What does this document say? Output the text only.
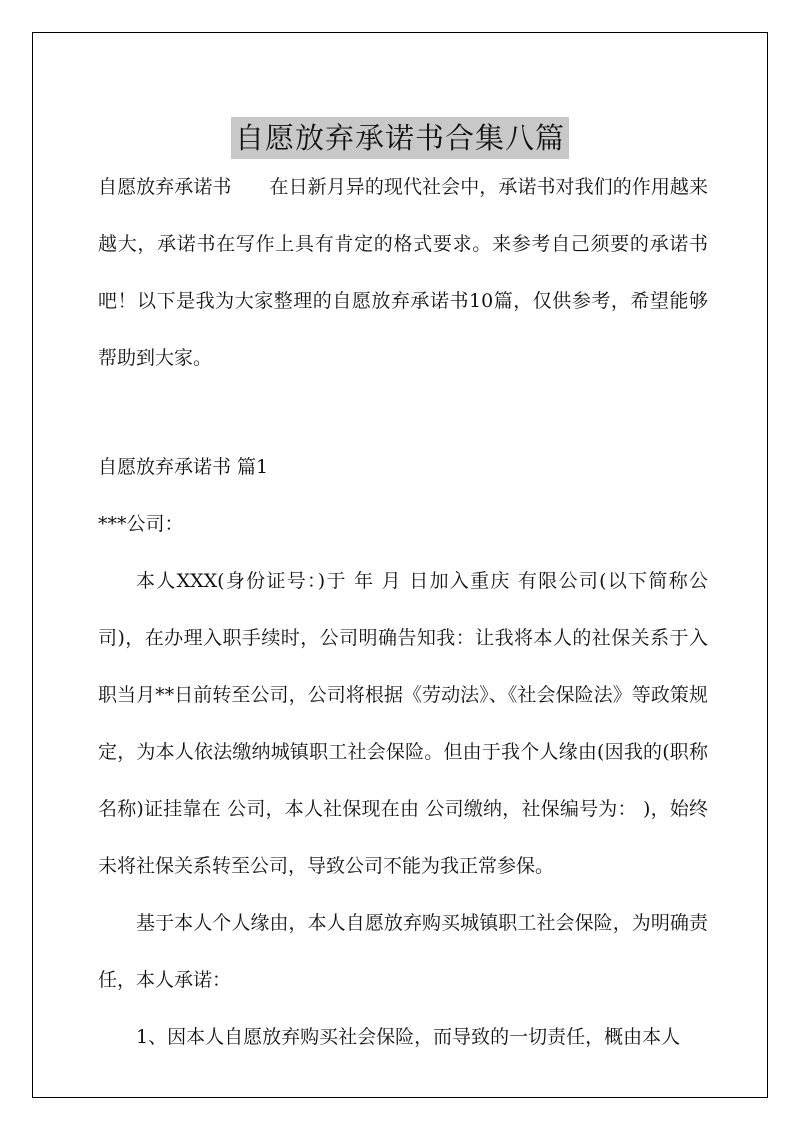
自愿放弃承诺书合集八篇

自愿放弃承诺书 在日新月异的现代社会中，承诺书对我们的作用越来越大，承诺书在写作上具有肯定的格式要求。来参考自己须要的承诺书吧！以下是我为大家整理的自愿放弃承诺书10篇，仅供参考，希望能够帮助到大家。

自愿放弃承诺书 篇1

***公司：

本人XXX(身份证号：)于 年 月 日加入重庆 有限公司(以下简称公司)，在办理入职手续时，公司明确告知我：让我将本人的社保关系于入职当月**日前转至公司，公司将根据《劳动法》、《社会保险法》等政策规定，为本人依法缴纳城镇职工社会保险。但由于我个人缘由(因我的(职称名称)证挂靠在 公司，本人社保现在由 公司缴纳，社保编号为： )，始终未将社保关系转至公司，导致公司不能为我正常参保。

基于本人个人缘由，本人自愿放弃购买城镇职工社会保险，为明确责任，本人承诺：

1、因本人自愿放弃购买社会保险，而导致的一切责任，概由本人
